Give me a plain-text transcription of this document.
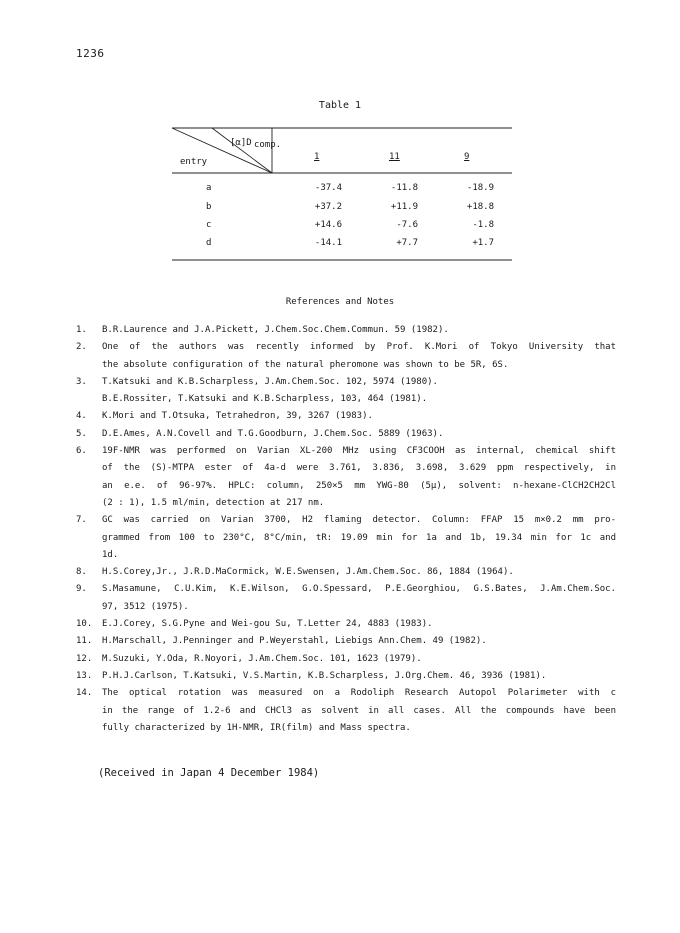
1236
Table 1
[α]D comp.
entry	1	11	9
a	-37.4	-11.8	-18.9
b	+37.2	+11.9	+18.8
c	+14.6	-7.6	-1.8
d	-14.1	+7.7	+1.7
References and Notes
1.	B.R.Laurence and J.A.Pickett, J.Chem.Soc.Chem.Commun. 59 (1982).

2.	One of the authors was recently informed by Prof. K.Mori of Tokyo University that

the absolute configuration of the natural pheromone was shown to be 5R, 6S.

3.	T.Katsuki and K.B.Scharpless, J.Am.Chem.Soc. 102, 5974 (1980).

B.E.Rossiter, T.Katsuki and K.B.Scharpless, 103, 464 (1981).

4.	K.Mori and T.Otsuka, Tetrahedron, 39, 3267 (1983).

5.	D.E.Ames, A.N.Covell and T.G.Goodburn, J.Chem.Soc. 5889 (1963).

6.	19F-NMR was performed on Varian XL-200 MHz using CF3COOH as internal, chemical shift

of the (S)-MTPA ester of 4a-d were 3.761, 3.836, 3.698, 3.629 ppm respectively, in

an e.e. of 96-97%. HPLC: column, 250×5 mm YWG-80 (5µ), solvent: n-hexane-ClCH2CH2Cl

(2 : 1), 1.5 ml/min, detection at 217 nm.

7.	GC was carried on Varian 3700, H2 flaming detector. Column: FFAP 15 m×0.2 mm pro-

grammed from 100 to 230°C, 8°C/min, tR: 19.09 min for 1a and 1b, 19.34 min for 1c and

1d.

8.	H.S.Corey,Jr., J.R.D.MaCormick, W.E.Swensen, J.Am.Chem.Soc. 86, 1884 (1964).

9.	S.Masamune, C.U.Kim, K.E.Wilson, G.O.Spessard, P.E.Georghiou, G.S.Bates, J.Am.Chem.Soc.

97, 3512 (1975).

10.	E.J.Corey, S.G.Pyne and Wei-gou Su, T.Letter 24, 4883 (1983).

11.	H.Marschall, J.Penninger and P.Weyerstahl, Liebigs Ann.Chem. 49 (1982).

12.	M.Suzuki, Y.Oda, R.Noyori, J.Am.Chem.Soc. 101, 1623 (1979).

13.	P.H.J.Carlson, T.Katsuki, V.S.Martin, K.B.Scharpless, J.Org.Chem. 46, 3936 (1981).

14.	The optical rotation was measured on a Rodoliph Research Autopol Polarimeter with c

in the range of 1.2-6 and CHCl3 as solvent in all cases. All the compounds have been

fully characterized by 1H-NMR, IR(film) and Mass spectra.

(Received in Japan 4 December 1984)
